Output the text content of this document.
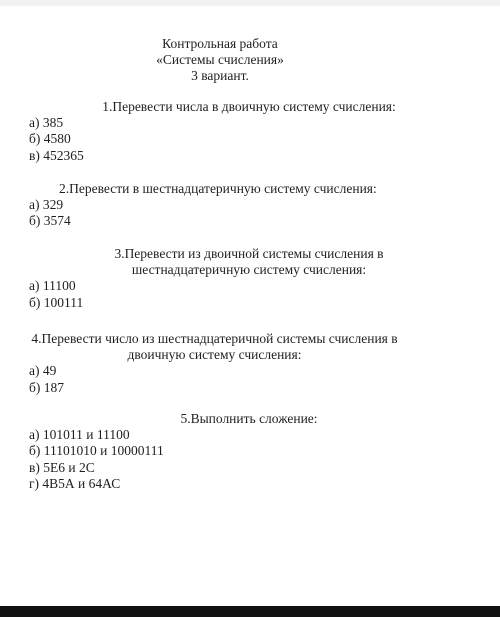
Контрольная работа
«Системы счисления»
3 вариант.
1.Перевести числа в двоичную систему счисления:
а) 385
б) 4580
в) 452365
2.Перевести в шестнадцатеричную систему счисления:
а) 329
б) 3574
3.Перевести из двоичной системы счисления в шестнадцатеричную систему счисления:
а) 11100
б) 100111
4.Перевести число из шестнадцатеричной системы счисления в двоичную систему счисления:
а) 49
б) 187
5.Выполнить сложение:
а) 101011 и 11100
б) 11101010 и 10000111
в) 5Е6 и 2С
г) 4В5А и 64АС
